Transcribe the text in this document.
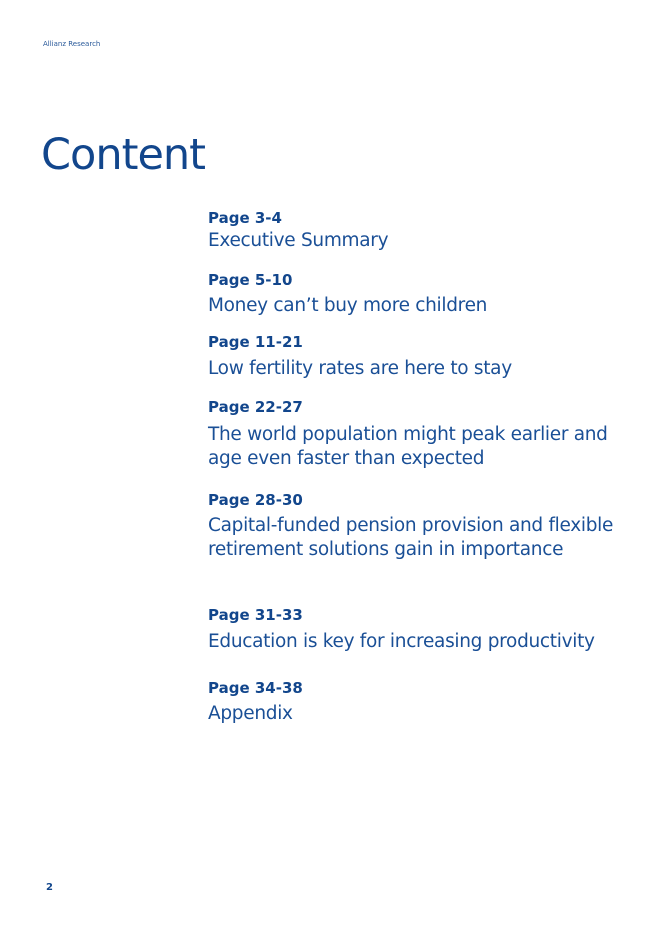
Allianz Research
Content
Page 3-4
Executive Summary
Page 5-10
Money can’t buy more children
Page 11-21
Low fertility rates are here to stay
Page 22-27
The world population might peak earlier and age even faster than expected
Page 28-30
Capital-funded pension provision and flexible retirement solutions gain in importance
Page 31-33
Education is key for increasing productivity
Page 34-38
Appendix
2
